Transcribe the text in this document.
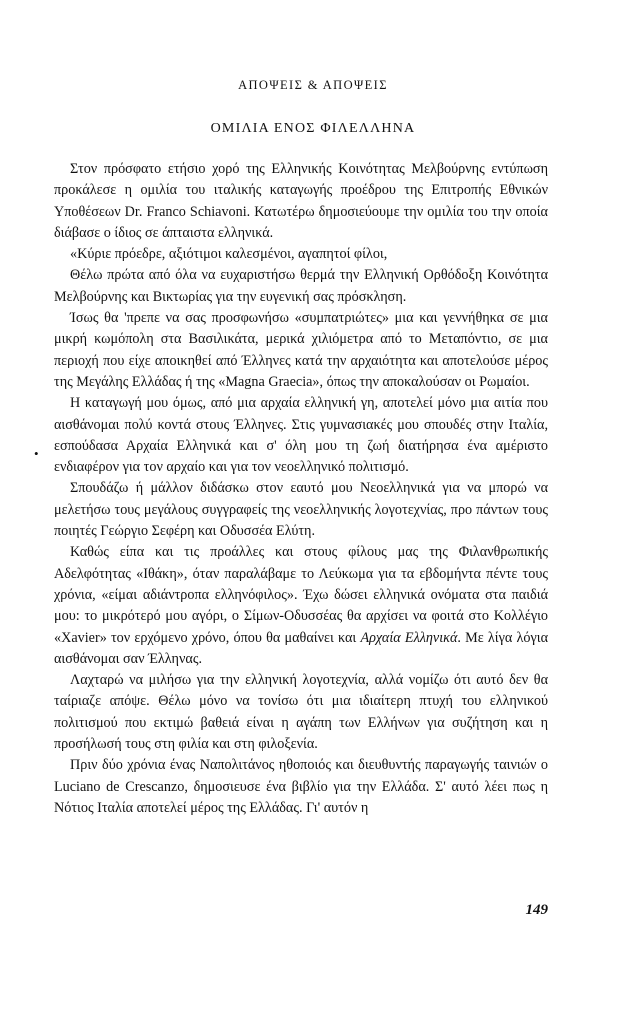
ΑΠΟΨΕΙΣ & ΑΠΟΨΕΙΣ
ΟΜΙΛΙΑ ΕΝΟΣ ΦΙΛΕΛΛΗΝΑ
•

Στον πρόσφατο ετήσιο χορό της Ελληνικής Κοινότητας Μελβούρνης εντύπωση προκάλεσε η ομιλία του ιταλικής καταγωγής προέδρου της Επιτροπής Εθνικών Υποθέσεων Dr. Franco Schiavoni. Κατωτέρω δημοσιεύουμε την ομιλία του την οποία διάβασε ο ίδιος σε άπταιστα ελληνικά.

«Κύριε πρόεδρε, αξιότιμοι καλεσμένοι, αγαπητοί φίλοι,

Θέλω πρώτα από όλα να ευχαριστήσω θερμά την Ελληνική Ορθόδοξη Κοινότητα Μελβούρνης και Βικτωρίας για την ευγενική σας πρόσκληση.

Ίσως θα 'πρεπε να σας προσφωνήσω «συμπατριώτες» μια και γεννήθηκα σε μια μικρή κωμόπολη στα Βασιλικάτα, μερικά χιλιόμετρα από το Μεταπόντιο, σε μια περιοχή που είχε αποικηθεί από Έλληνες κατά την αρχαιότητα και αποτελούσε μέρος της Μεγάλης Ελλάδας ή της «Magna Graecia», όπως την αποκαλούσαν οι Ρωμαίοι.

Η καταγωγή μου όμως, από μια αρχαία ελληνική γη, αποτελεί μόνο μια αιτία που αισθάνομαι πολύ κοντά στους Έλληνες. Στις γυμνασιακές μου σπουδές στην Ιταλία, εσπούδασα Αρχαία Ελληνικά και σ' όλη μου τη ζωή διατήρησα ένα αμέριστο ενδιαφέρον για τον αρχαίο και για τον νεοελληνικό πολιτισμό.

Σπουδάζω ή μάλλον διδάσκω στον εαυτό μου Νεοελληνικά για να μπορώ να μελετήσω τους μεγάλους συγγραφείς της νεοελληνικής λογοτεχνίας, προ πάντων τους ποιητές Γεώργιο Σεφέρη και Οδυσσέα Ελύτη.

Καθώς είπα και τις προάλλες και στους φίλους μας της Φιλανθρωπικής Αδελφότητας «Ιθάκη», όταν παραλάβαμε το Λεύκωμα για τα εβδομήντα πέντε τους χρόνια, «είμαι αδιάντροπα ελληνόφιλος». Έχω δώσει ελληνικά ονόματα στα παιδιά μου: το μικρότερό μου αγόρι, ο Σίμων-Οδυσσέας θα αρχίσει να φοιτά στο Κολλέγιο «Xavier» τον ερχόμενο χρόνο, όπου θα μαθαίνει και Αρχαία Ελληνικά. Με λίγα λόγια αισθάνομαι σαν Έλληνας.

Λαχταρώ να μιλήσω για την ελληνική λογοτεχνία, αλλά νομίζω ότι αυτό δεν θα ταίριαζε απόψε. Θέλω μόνο να τονίσω ότι μια ιδιαίτερη πτυχή του ελληνικού πολιτισμού που εκτιμώ βαθειά είναι η αγάπη των Ελλήνων για συζήτηση και η προσήλωσή τους στη φιλία και στη φιλοξενία.

Πριν δύο χρόνια ένας Ναπολιτάνος ηθοποιός και διευθυντής παραγωγής ταινιών ο Luciano de Crescanzo, δημοσιευσε ένα βιβλίο για την Ελλάδα. Σ' αυτό λέει πως η Νότιος Ιταλία αποτελεί μέρος της Ελλάδας. Γι' αυτόν η

149
